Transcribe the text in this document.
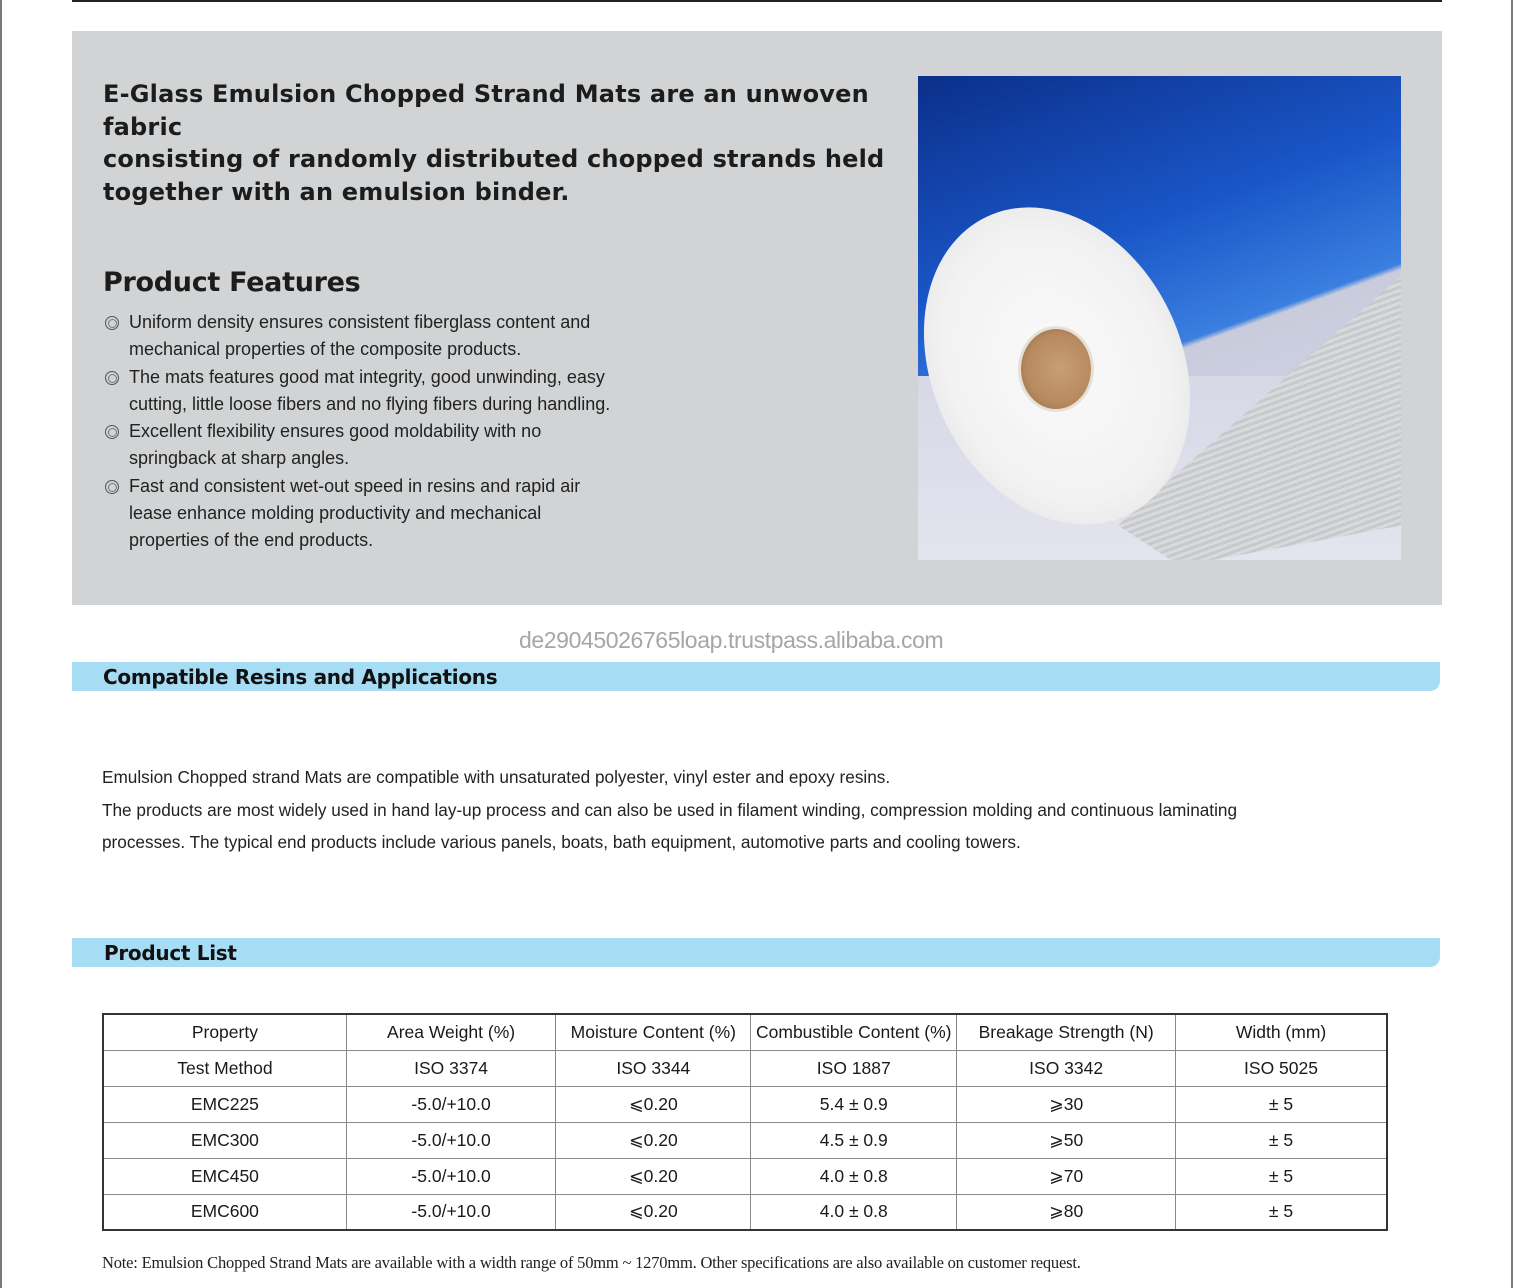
E-Glass Emulsion Chopped Strand Mats are an unwoven fabric
consisting of randomly distributed chopped strands held
together with an emulsion binder.
Product Features
Uniform density ensures consistent fiberglass content and
mechanical properties of the composite products.
The mats features good mat integrity, good unwinding, easy
cutting, little loose fibers and no flying fibers during handling.
Excellent flexibility ensures good moldability with no
springback at sharp angles.
Fast and consistent wet-out speed in resins and rapid air
lease enhance molding productivity and mechanical
properties of the end products.
de29045026765loap.trustpass.alibaba.com
Compatible Resins and Applications

Emulsion Chopped strand Mats are compatible with unsaturated polyester, vinyl ester and epoxy resins.

The products are most widely used in hand lay-up process and can also be used in filament winding, compression molding and continuous laminating

processes. The typical end products include various panels, boats, bath equipment, automotive parts and cooling towers.

Product List
Property	Area Weight (%)	Moisture Content (%)	Combustible Content (%)	Breakage Strength (N)	Width (mm)
Test Method	ISO 3374	ISO 3344	ISO 1887	ISO 3342	ISO 5025
EMC225	-5.0/+10.0	⩽0.20	5.4 ± 0.9	⩾30	± 5
EMC300	-5.0/+10.0	⩽0.20	4.5 ± 0.9	⩾50	± 5
EMC450	-5.0/+10.0	⩽0.20	4.0 ± 0.8	⩾70	± 5
EMC600	-5.0/+10.0	⩽0.20	4.0 ± 0.8	⩾80	± 5

Note: Emulsion Chopped Strand Mats are available with a width range of 50mm ~ 1270mm. Other specifications are also available on customer request.
